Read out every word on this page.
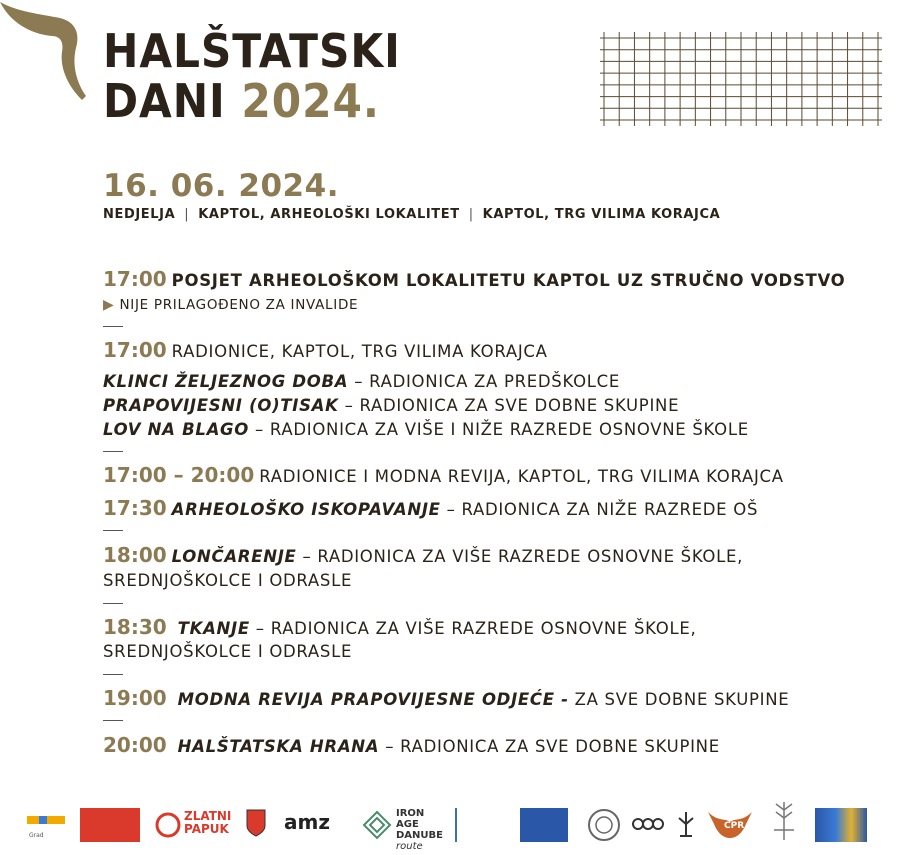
HALŠTATSKI
DANI 2024.
16. 06. 2024.
NEDJELJA | KAPTOL, ARHEOLOŠKI LOKALITET | KAPTOL, TRG VILIMA KORAJCA
17:00 POSJET ARHEOLOŠKOM LOKALITETU KAPTOL UZ STRUČNO VODSTVO
▶ NIJE PRILAGOĐENO ZA INVALIDE
17:00 RADIONICE, KAPTOL, TRG VILIMA KORAJCA
KLINCI ŽELJEZNOG DOBA – RADIONICA ZA PREDŠKOLCE
PRAPOVIJESNI (O)TISAK – RADIONICA ZA SVE DOBNE SKUPINE
LOV NA BLAGO – RADIONICA ZA VIŠE I NIŽE RAZREDE OSNOVNE ŠKOLE
17:00 – 20:00 RADIONICE I MODNA REVIJA, KAPTOL, TRG VILIMA KORAJCA
17:30 ARHEOLOŠKO ISKOPAVANJE – RADIONICA ZA NIŽE RAZREDE OŠ
18:00 LONČARENJE – RADIONICA ZA VIŠE RAZREDE OSNOVNE ŠKOLE,
SREDNJOŠKOLCE I ODRASLE
18:30 TKANJE – RADIONICA ZA VIŠE RAZREDE OSNOVNE ŠKOLE,
SREDNJOŠKOLCE I ODRASLE
19:00 MODNA REVIJA PRAPOVIJESNE ODJEĆE - ZA SVE DOBNE SKUPINE
20:00 HALŠTATSKA HRANA – RADIONICA ZA SVE DOBNE SKUPINE
Grad
ZLATNI
PAPUK	amz	IRON AGE
DANUBE
route
CPR
